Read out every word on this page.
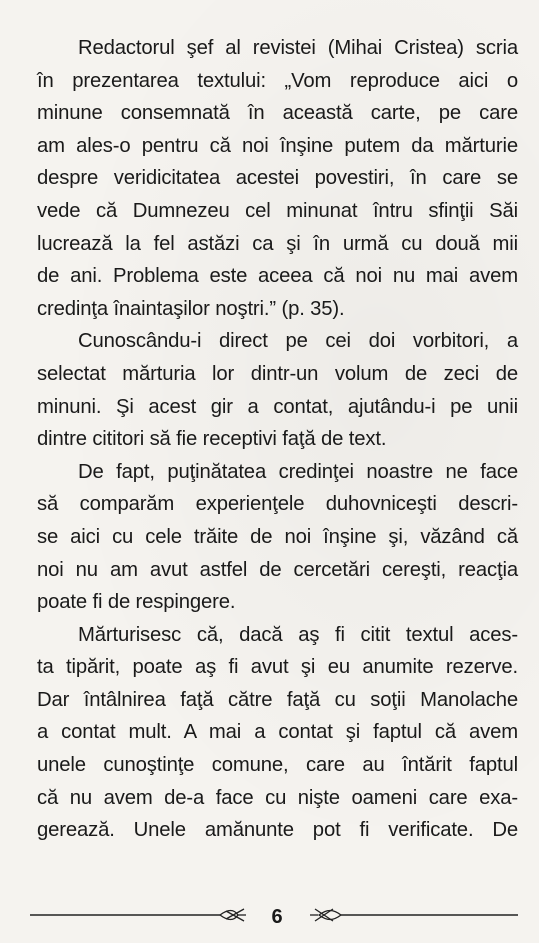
Redactorul şef al revistei (Mihai Cristea) scria
în prezentarea textului: „Vom reproduce aici o
minune consemnată în această carte, pe care
am ales-o pentru că noi înşine putem da mărturie
despre veridicitatea acestei povestiri, în care se
vede că Dumnezeu cel minunat întru sfinţii Săi
lucrează la fel astăzi ca şi în urmă cu două mii
de ani. Problema este aceea că noi nu mai avem
credinţa înaintaşilor noştri.” (p. 35).

Cunoscându-i direct pe cei doi vorbitori, a
selectat mărturia lor dintr-un volum de zeci de
minuni. Şi acest gir a contat, ajutându-i pe unii
dintre cititori să fie receptivi faţă de text.

De fapt, puţinătatea credinţei noastre ne face
să comparăm experienţele duhovniceşti descri-
se aici cu cele trăite de noi înşine şi, văzând că
noi nu am avut astfel de cercetări cereşti, reacţia
poate fi de respingere.

Mărturisesc că, dacă aş fi citit textul aces-
ta tipărit, poate aş fi avut şi eu anumite rezerve.
Dar întâlnirea faţă către faţă cu soţii Manolache
a contat mult. A mai a contat şi faptul că avem
unele cunoştinţe comune, care au întărit faptul
că nu avem de-a face cu nişte oameni care exa-
gerează. Unele amănunte pot fi verificate. De

6
